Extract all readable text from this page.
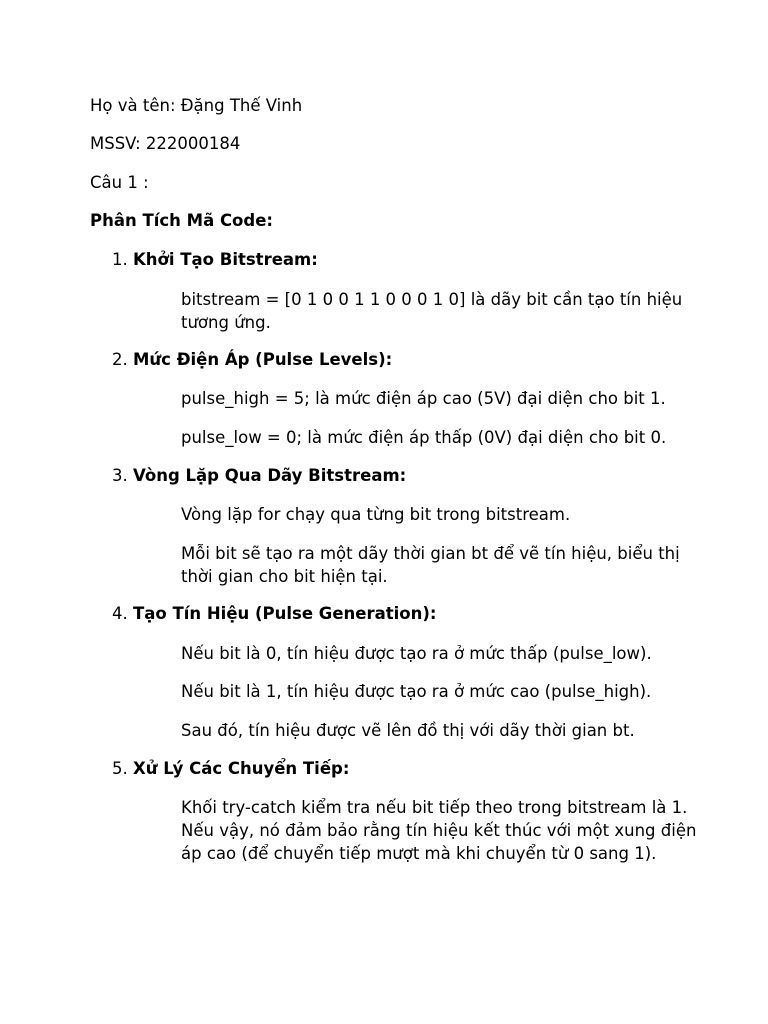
Họ và tên: Đặng Thế Vinh
MSSV: 222000184
Câu 1 :
Phân Tích Mã Code:
1. Khởi Tạo Bitstream:
bitstream = [0 1 0 0 1 1 0 0 0 1 0] là dãy bit cần tạo tín hiệu tương ứng.
2. Mức Điện Áp (Pulse Levels):
pulse_high = 5; là mức điện áp cao (5V) đại diện cho bit 1.
pulse_low = 0; là mức điện áp thấp (0V) đại diện cho bit 0.
3. Vòng Lặp Qua Dãy Bitstream:
Vòng lặp for chạy qua từng bit trong bitstream.
Mỗi bit sẽ tạo ra một dãy thời gian bt để vẽ tín hiệu, biểu thị thời gian cho bit hiện tại.
4. Tạo Tín Hiệu (Pulse Generation):
Nếu bit là 0, tín hiệu được tạo ra ở mức thấp (pulse_low).
Nếu bit là 1, tín hiệu được tạo ra ở mức cao (pulse_high).
Sau đó, tín hiệu được vẽ lên đồ thị với dãy thời gian bt.
5. Xử Lý Các Chuyển Tiếp:
Khối try-catch kiểm tra nếu bit tiếp theo trong bitstream là 1. Nếu vậy, nó đảm bảo rằng tín hiệu kết thúc với một xung điện áp cao (để chuyển tiếp mượt mà khi chuyển từ 0 sang 1).
